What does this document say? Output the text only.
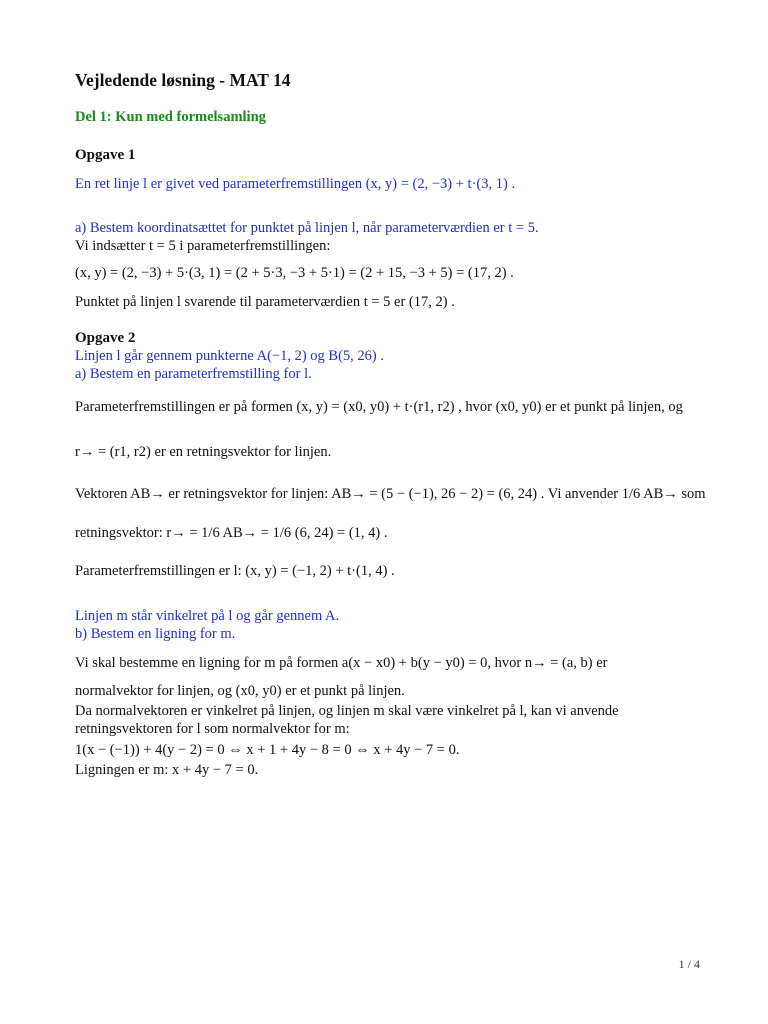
Vejledende løsning - MAT 14
Del 1: Kun med formelsamling
Opgave 1
En ret linje l er givet ved parameterfremstillingen (x, y) = (2, −3) + t·(3, 1) .
a) Bestem koordinatsættet for punktet på linjen l, når parameterværdien er t = 5.
Vi indsætter t = 5 i parameterfremstillingen:
(x, y) = (2, −3) + 5·(3, 1) = (2 + 5·3, −3 + 5·1) = (2 + 15, −3 + 5) = (17, 2) .
Punktet på linjen l svarende til parameterværdien t = 5 er (17, 2) .
Opgave 2
Linjen l går gennem punkterne A(−1, 2) og B(5, 26) .
a) Bestem en parameterfremstilling for l.
Parameterfremstillingen er på formen (x, y) = (x0, y0) + t·(r1, r2) , hvor (x0, y0) er et punkt på linjen, og
r→ = (r1, r2) er en retningsvektor for linjen.
Vektoren AB→ er retningsvektor for linjen: AB→ = (5 − (−1), 26 − 2) = (6, 24) . Vi anvender 1/6 AB→ som
retningsvektor: r→ = 1/6 AB→ = 1/6 (6, 24) = (1, 4) .
Parameterfremstillingen er l: (x, y) = (−1, 2) + t·(1, 4) .
Linjen m står vinkelret på l og går gennem A.
b) Bestem en ligning for m.
Vi skal bestemme en ligning for m på formen a(x − x0) + b(y − y0) = 0, hvor n→ = (a, b) er
normalvektor for linjen, og (x0, y0) er et punkt på linjen.
Da normalvektoren er vinkelret på linjen, og linjen m skal være vinkelret på l, kan vi anvende
retningsvektoren for l som normalvektor for m:
1(x − (−1)) + 4(y − 2) = 0 ⇔ x + 1 + 4y − 8 = 0 ⇔ x + 4y − 7 = 0.
Ligningen er m: x + 4y − 7 = 0.
1 / 4
